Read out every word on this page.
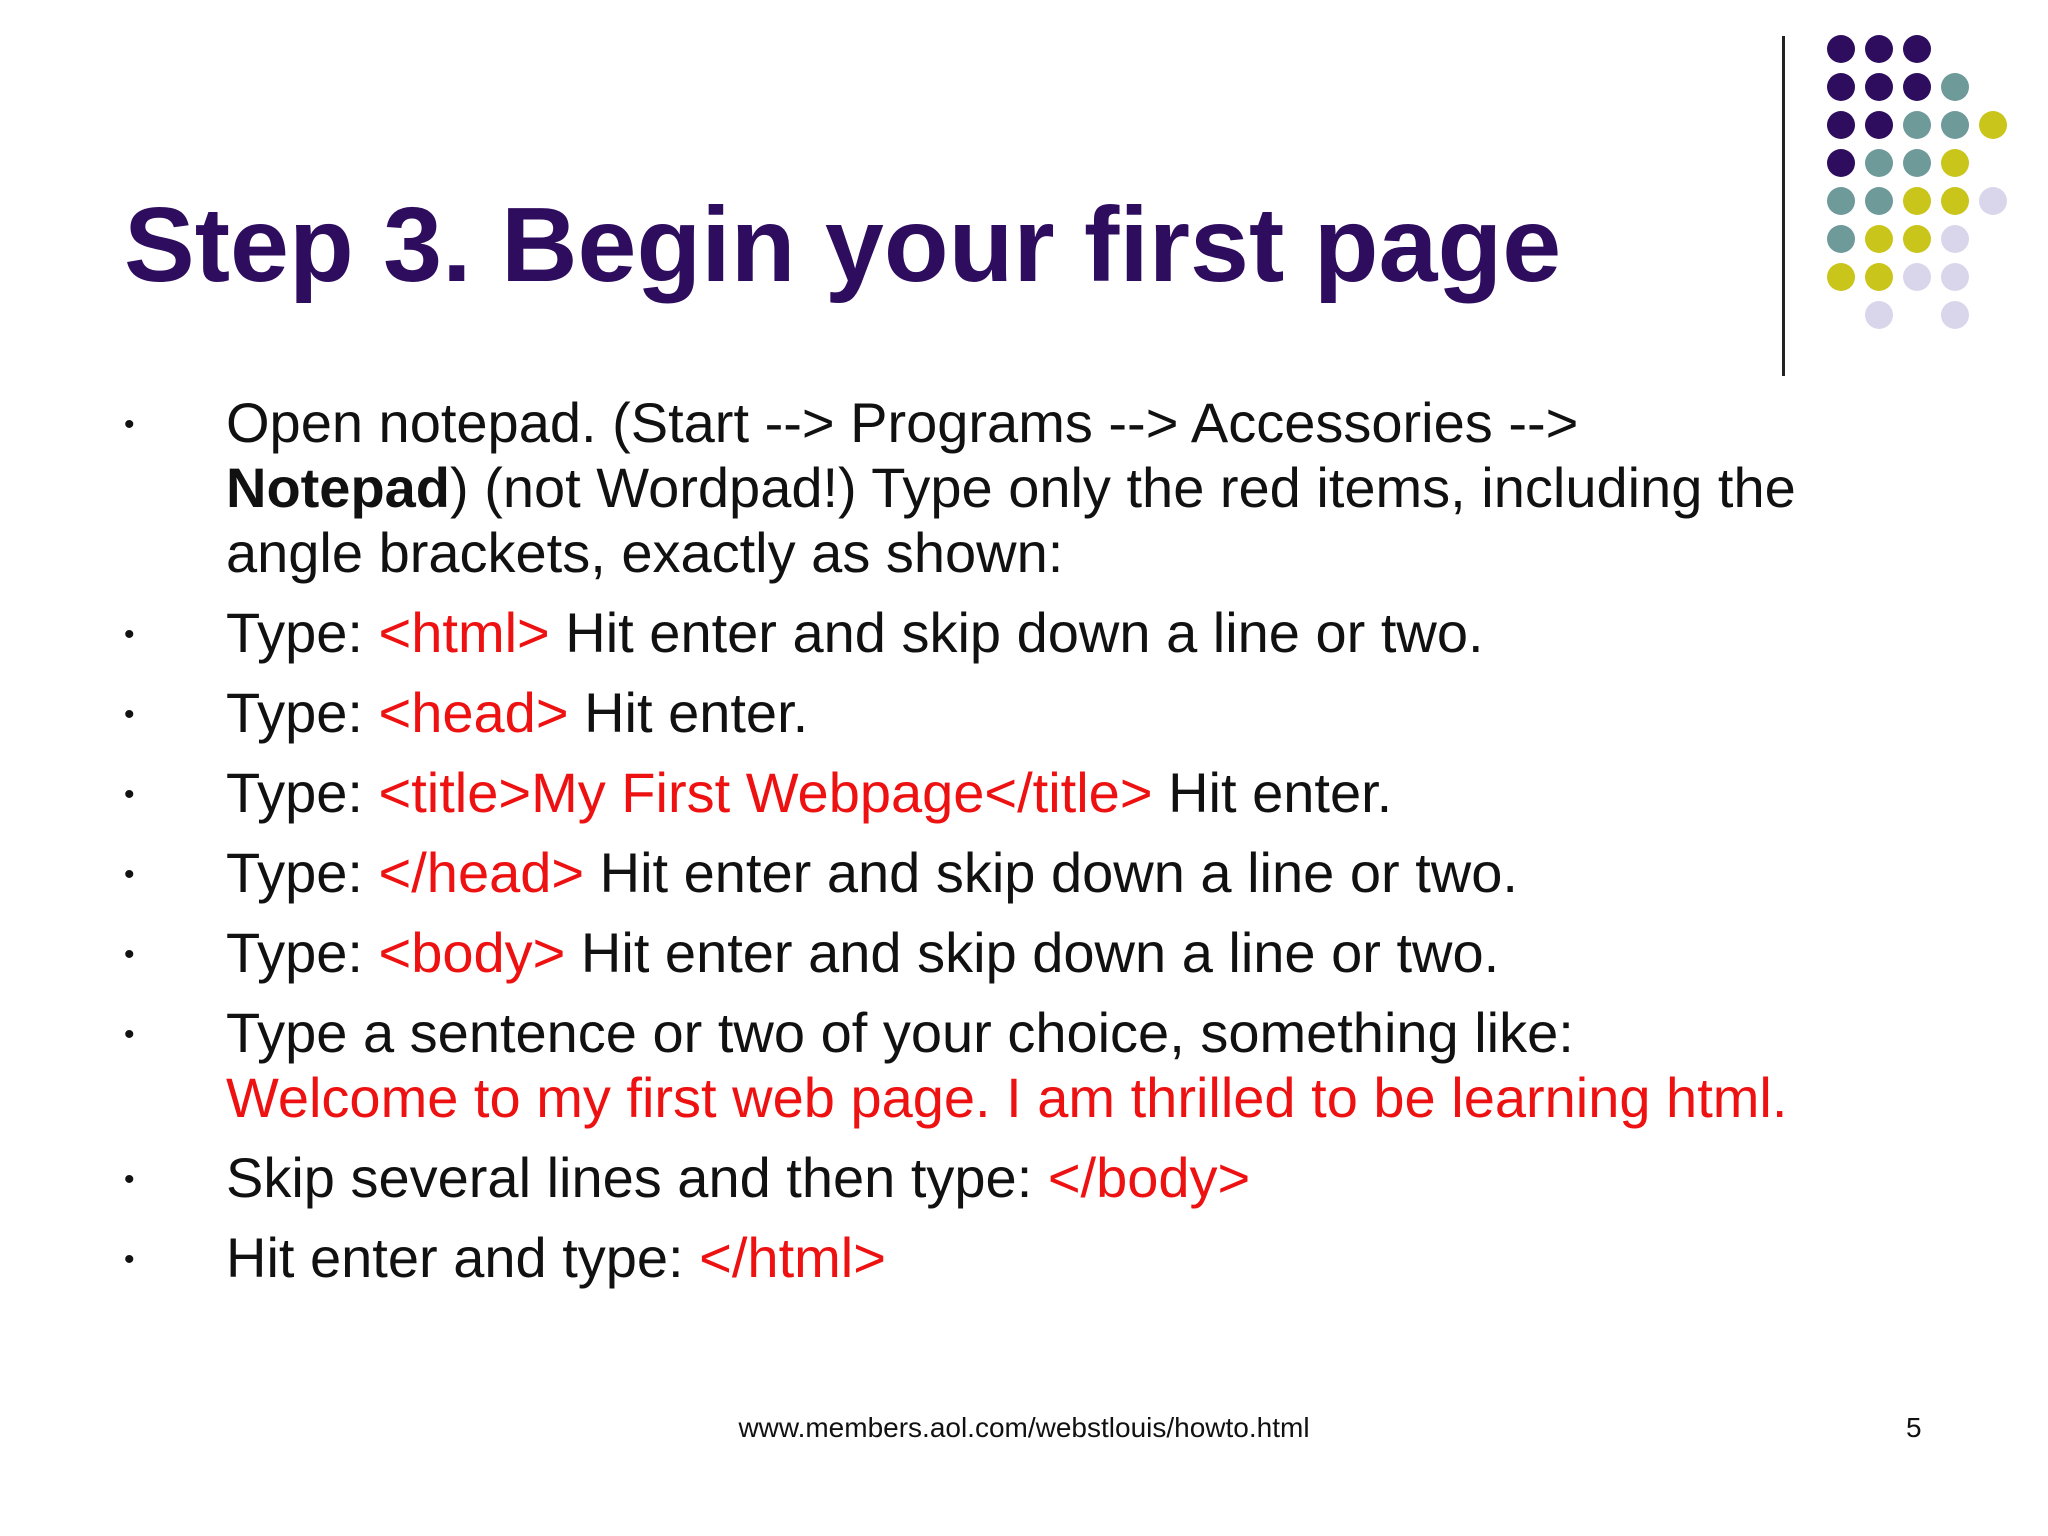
Step 3. Begin your first page
• Open notepad. (Start --> Programs --> Accessories -->
Notepad) (not Wordpad!) Type only the red items, including the angle brackets, exactly as shown:
• Type: <html> Hit enter and skip down a line or two.
• Type: <head> Hit enter.
• Type: <title>My First Webpage</title> Hit enter.
• Type: </head> Hit enter and skip down a line or two.
• Type: <body> Hit enter and skip down a line or two.
• Type a sentence or two of your choice, something like:
Welcome to my first web page. I am thrilled to be learning html.
• Skip several lines and then type: </body>
• Hit enter and type: </html>
www.members.aol.com/webstlouis/howto.html	5
